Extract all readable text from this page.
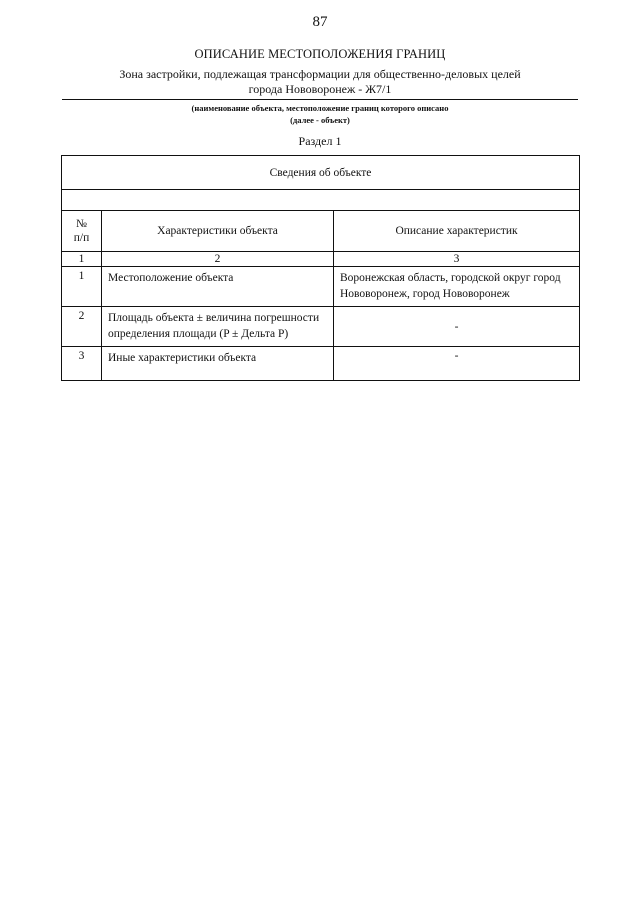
87
ОПИСАНИЕ МЕСТОПОЛОЖЕНИЯ ГРАНИЦ
Зона застройки, подлежащая трансформации для общественно-деловых целей
города Нововоронеж - Ж7/1
(наименование объекта, местоположение границ которого описано
(далее - объект)
Раздел 1
Сведения об объекте		

№
п/п	Характеристики объекта	Описание характеристик
1	2	3
1	Местоположение объекта	Воронежская область, городской округ город Нововоронеж, город Нововоронеж
2	Площадь объекта ± величина погрешности определения площади (P ± Дельта P)	-
3	Иные характеристики объекта	-
